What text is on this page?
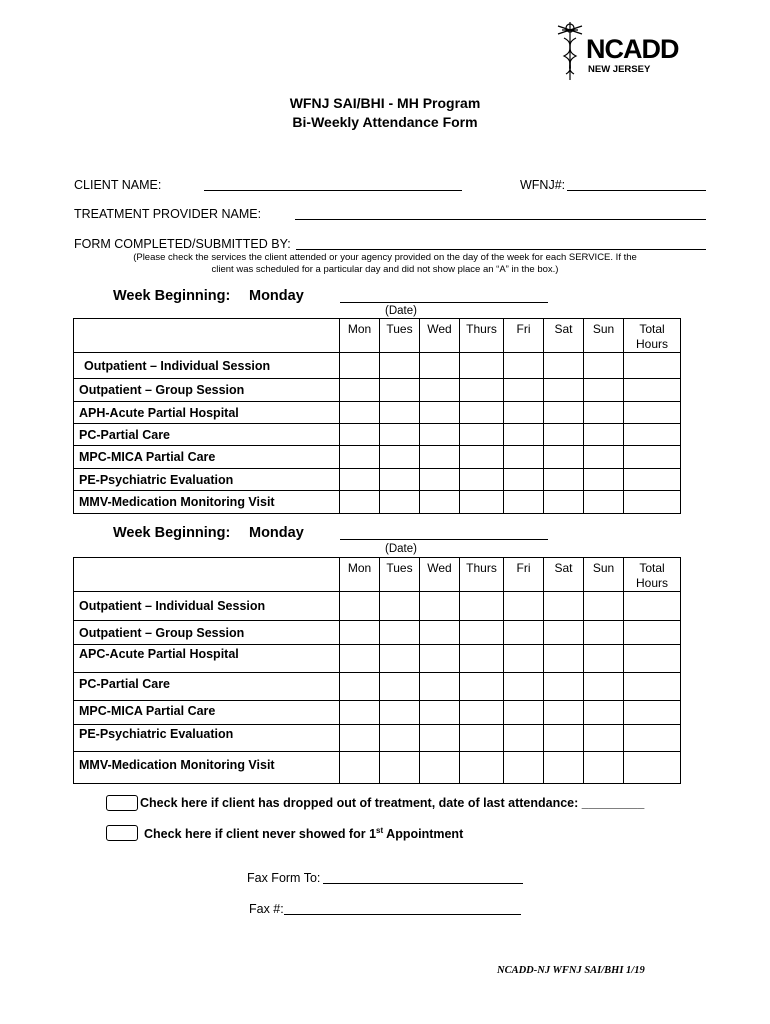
NCADD
NEW JERSEY
WFNJ SAI/BHI - MH Program
Bi-Weekly Attendance Form
CLIENT NAME:	WFNJ#:
TREATMENT PROVIDER NAME:
FORM COMPLETED/SUBMITTED BY:
(Please check the services the client attended or your agency provided on the day of the week for each SERVICE. If the
client was scheduled for a particular day and did not show place an “A” in the box.)
Week Beginning: Monday
(Date)
	Mon	Tues	Wed	Thurs	Fri	Sat	Sun	Total
Hours
Outpatient – Individual Session								
Outpatient – Group Session								
APH-Acute Partial Hospital								
PC-Partial Care								
MPC-MICA Partial Care								
PE-Psychiatric Evaluation								
MMV-Medication Monitoring Visit								
Week Beginning: Monday
(Date)
	Mon	Tues	Wed	Thurs	Fri	Sat	Sun	Total
Hours
Outpatient – Individual Session								
Outpatient – Group Session								
APC-Acute Partial Hospital								
PC-Partial Care								
MPC-MICA Partial Care								
PE-Psychiatric Evaluation								
MMV-Medication Monitoring Visit								
Check here if client has dropped out of treatment, date of last attendance: _________
Check here if client never showed for 1st Appointment
Fax Form To:
Fax #:
NCADD-NJ WFNJ SAI/BHI 1/19
